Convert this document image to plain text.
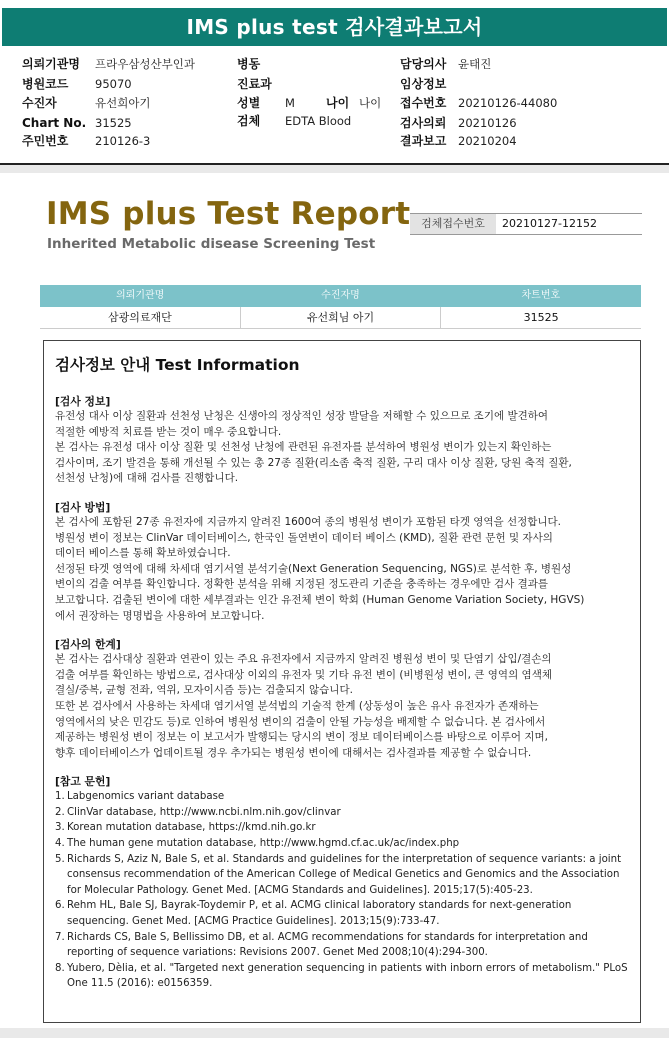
IMS plus test 검사결과보고서
의뢰기관명 프라우삼성산부인과
병원코드 95070
수진자	유선희아기
Chart No. 31525
주민번호 210126-3
병동
진료과
성별 M	나이 나이
검체 EDTA Blood
담당의사 윤태진
임상정보
접수번호 20210126-44080
검사의뢰 20210126
결과보고 20210204
IMS plus Test Report
Inherited Metabolic disease Screening Test
검체접수번호	20210127-12152
의뢰기관명	수진자명	차트번호
삼광의료재단	유선희님 아기	31525
검사정보 안내 Test Information
[검사 정보]

유전성 대사 이상 질환과 선천성 난청은 신생아의 정상적인 성장 발달을 저해할 수 있으므로 조기에 발견하여

적절한 예방적 치료를 받는 것이 매우 중요합니다.

본 검사는 유전성 대사 이상 질환 및 선천성 난청에 관련된 유전자를 분석하여 병원성 변이가 있는지 확인하는

검사이며, 조기 발견을 통해 개선될 수 있는 총 27종 질환(리소좀 축적 질환, 구리 대사 이상 질환, 당원 축적 질환,

선천성 난청)에 대해 검사를 진행합니다.

[검사 방법]

본 검사에 포함된 27종 유전자에 지금까지 알려진 1600여 종의 병원성 변이가 포함된 타겟 영역을 선정합니다.

병원성 변이 정보는 ClinVar 데이터베이스, 한국인 돌연변이 데이터 베이스 (KMD), 질환 관련 문헌 및 자사의

데이터 베이스를 통해 확보하였습니다.

선정된 타겟 영역에 대해 차세대 염기서열 분석기술(Next Generation Sequencing, NGS)로 분석한 후, 병원성

변이의 검출 여부를 확인합니다. 정확한 분석을 위해 지정된 정도관리 기준을 충족하는 경우에만 검사 결과를

보고합니다. 검출된 변이에 대한 세부결과는 인간 유전체 변이 학회 (Human Genome Variation Society, HGVS)

에서 권장하는 명명법을 사용하여 보고합니다.

[검사의 한계]

본 검사는 검사대상 질환과 연관이 있는 주요 유전자에서 지금까지 알려진 병원성 변이 및 단염기 삽입/결손의

검출 여부를 확인하는 방법으로, 검사대상 이외의 유전자 및 기타 유전 변이 (비병원성 변이, 큰 영역의 염색체

결실/중복, 균형 전좌, 역위, 모자이시즘 등)는 검출되지 않습니다.

또한 본 검사에서 사용하는 차세대 염기서열 분석법의 기술적 한계 (상동성이 높은 유사 유전자가 존재하는

영역에서의 낮은 민감도 등)로 인하여 병원성 변이의 검출이 안될 가능성을 배제할 수 없습니다. 본 검사에서

제공하는 병원성 변이 정보는 이 보고서가 발행되는 당시의 변이 정보 데이터베이스를 바탕으로 이루어 지며,

향후 데이터베이스가 업데이트될 경우 추가되는 병원성 변이에 대해서는 검사결과를 제공할 수 없습니다.

[참고 문헌]
1. Labgenomics variant database
2. ClinVar database, http://www.ncbi.nlm.nih.gov/clinvar
3. Korean mutation database, https://kmd.nih.go.kr
4. The human gene mutation database, http://www.hgmd.cf.ac.uk/ac/index.php
5. Richards S, Aziz N, Bale S, et al. Standards and guidelines for the interpretation of sequence variants: a joint consensus recommendation of the American College of Medical Genetics and Genomics and the Association for Molecular Pathology. Genet Med. [ACMG Standards and Guidelines]. 2015;17(5):405-23.
6. Rehm HL, Bale SJ, Bayrak-Toydemir P, et al. ACMG clinical laboratory standards for next-generation sequencing. Genet Med. [ACMG Practice Guidelines]. 2013;15(9):733-47.
7. Richards CS, Bale S, Bellissimo DB, et al. ACMG recommendations for standards for interpretation and reporting of sequence variations: Revisions 2007. Genet Med 2008;10(4):294-300.
8. Yubero, Dèlia, et al. "Targeted next generation sequencing in patients with inborn errors of metabolism." PLoS One 11.5 (2016): e0156359.
